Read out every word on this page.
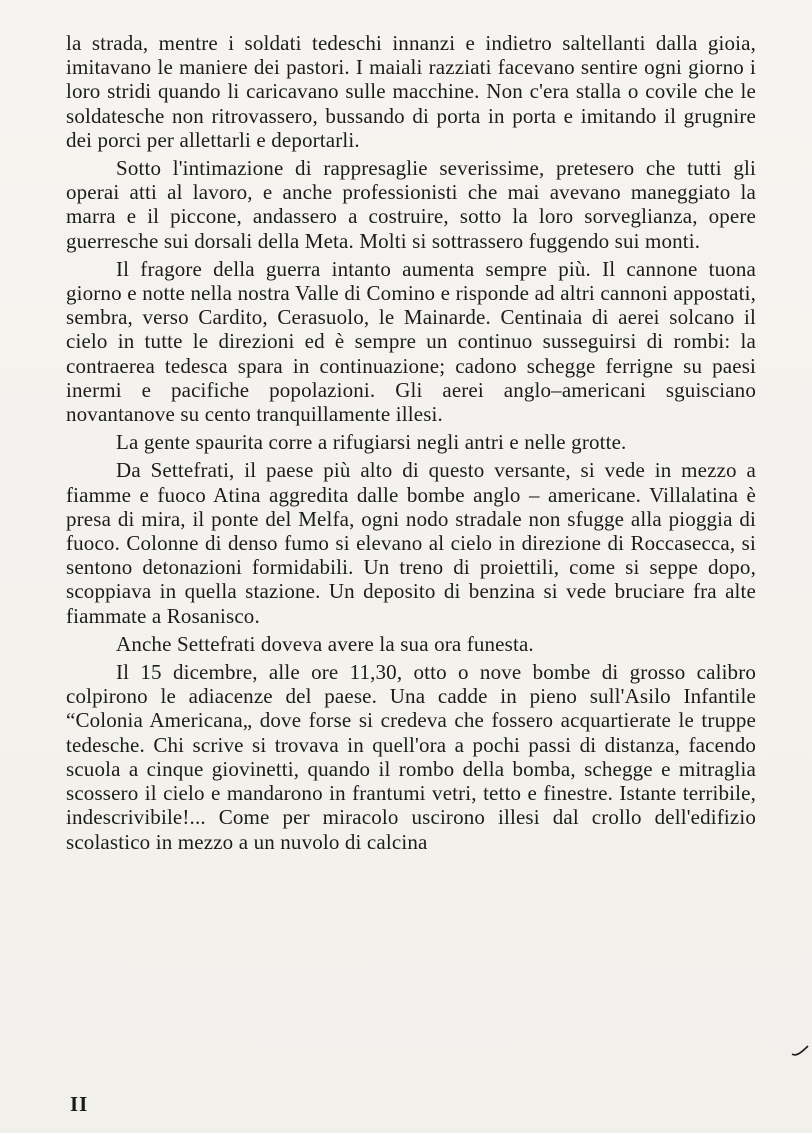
la strada, mentre i soldati tedeschi innanzi e indietro saltellanti dalla gioia, imitavano le maniere dei pastori. I maiali razziati facevano sentire ogni giorno i loro stridi quando li caricavano sulle macchine. Non c'era stalla o covile che le soldatesche non ritrovassero, bussando di porta in porta e imitando il grugnire dei porci per allettarli e deportarli.

Sotto l'intimazione di rappresaglie severissime, pretesero che tutti gli operai atti al lavoro, e anche professionisti che mai avevano maneggiato la marra e il piccone, andassero a costruire, sotto la loro sorveglianza, opere guerresche sui dorsali della Meta. Molti si sottrassero fuggendo sui monti.

Il fragore della guerra intanto aumenta sempre più. Il cannone tuona giorno e notte nella nostra Valle di Comino e risponde ad altri cannoni appostati, sembra, verso Cardito, Cerasuolo, le Mainarde. Centinaia di aerei solcano il cielo in tutte le direzioni ed è sempre un continuo susseguirsi di rombi: la contraerea tedesca spara in continuazione; cadono schegge ferrigne su paesi inermi e pacifiche popolazioni. Gli aerei anglo–americani sguisciano novantanove su cento tranquillamente illesi.

La gente spaurita corre a rifugiarsi negli antri e nelle grotte.

Da Settefrati, il paese più alto di questo versante, si vede in mezzo a fiamme e fuoco Atina aggredita dalle bombe anglo – americane. Villalatina è presa di mira, il ponte del Melfa, ogni nodo stradale non sfugge alla pioggia di fuoco. Colonne di denso fumo si elevano al cielo in direzione di Roccasecca, si sentono detonazioni formidabili. Un treno di proiettili, come si seppe dopo, scoppiava in quella stazione. Un deposito di benzina si vede bruciare fra alte fiammate a Rosanisco.

Anche Settefrati doveva avere la sua ora funesta.

Il 15 dicembre, alle ore 11,30, otto o nove bombe di grosso calibro colpirono le adiacenze del paese. Una cadde in pieno sull'Asilo Infantile “Colonia Americana„ dove forse si credeva che fossero acquartierate le truppe tedesche. Chi scrive si trovava in quell'ora a pochi passi di distanza, facendo scuola a cinque giovinetti, quando il rombo della bomba, schegge e mitraglia scossero il cielo e mandarono in frantumi vetri, tetto e finestre. Istante terribile, indescrivibile!... Come per miracolo uscirono illesi dal crollo dell'edifizio scolastico in mezzo a un nuvolo di calcina

II
